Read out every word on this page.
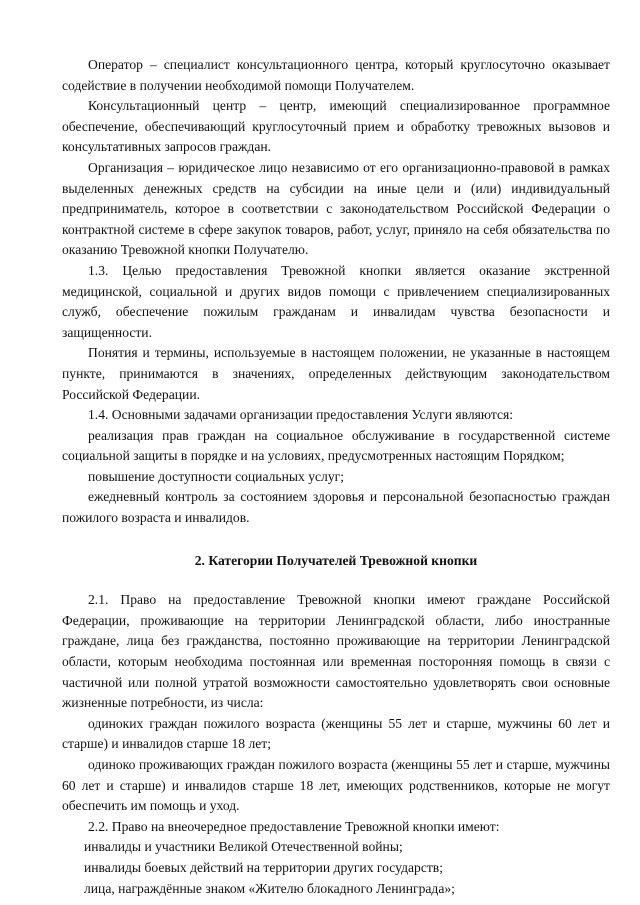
Оператор – специалист консультационного центра, который круглосуточно оказывает содействие в получении необходимой помощи Получателем.

Консультационный центр – центр, имеющий специализированное программное обеспечение, обеспечивающий круглосуточный прием и обработку тревожных вызовов и консультативных запросов граждан.

Организация – юридическое лицо независимо от его организационно-правовой в рамках выделенных денежных средств на субсидии на иные цели и (или) индивидуальный предприниматель, которое в соответствии с законодательством Российской Федерации о контрактной системе в сфере закупок товаров, работ, услуг, приняло на себя обязательства по оказанию Тревожной кнопки Получателю.

1.3. Целью предоставления Тревожной кнопки является оказание экстренной медицинской, социальной и других видов помощи с привлечением специализированных служб, обеспечение пожилым гражданам и инвалидам чувства безопасности и защищенности.

Понятия и термины, используемые в настоящем положении, не указанные в настоящем пункте, принимаются в значениях, определенных действующим законодательством Российской Федерации.

1.4. Основными задачами организации предоставления Услуги являются:

реализация прав граждан на социальное обслуживание в государственной системе социальной защиты в порядке и на условиях, предусмотренных настоящим Порядком;

повышение доступности социальных услуг;

ежедневный контроль за состоянием здоровья и персональной безопасностью граждан пожилого возраста и инвалидов.

2. Категории Получателей Тревожной кнопки

2.1. Право на предоставление Тревожной кнопки имеют граждане Российской Федерации, проживающие на территории Ленинградской области, либо иностранные граждане, лица без гражданства, постоянно проживающие на территории Ленинградской области, которым необходима постоянная или временная посторонняя помощь в связи с частичной или полной утратой возможности самостоятельно удовлетворять свои основные жизненные потребности, из числа:

одиноких граждан пожилого возраста (женщины 55 лет и старше, мужчины 60 лет и старше) и инвалидов старше 18 лет;

одиноко проживающих граждан пожилого возраста (женщины 55 лет и старше, мужчины 60 лет и старше) и инвалидов старше 18 лет, имеющих родственников, которые не могут обеспечить им помощь и уход.

2.2. Право на внеочередное предоставление Тревожной кнопки имеют:

инвалиды и участники Великой Отечественной войны;

инвалиды боевых действий на территории других государств;

лица, награждённые знаком «Жителю блокадного Ленинграда»;
